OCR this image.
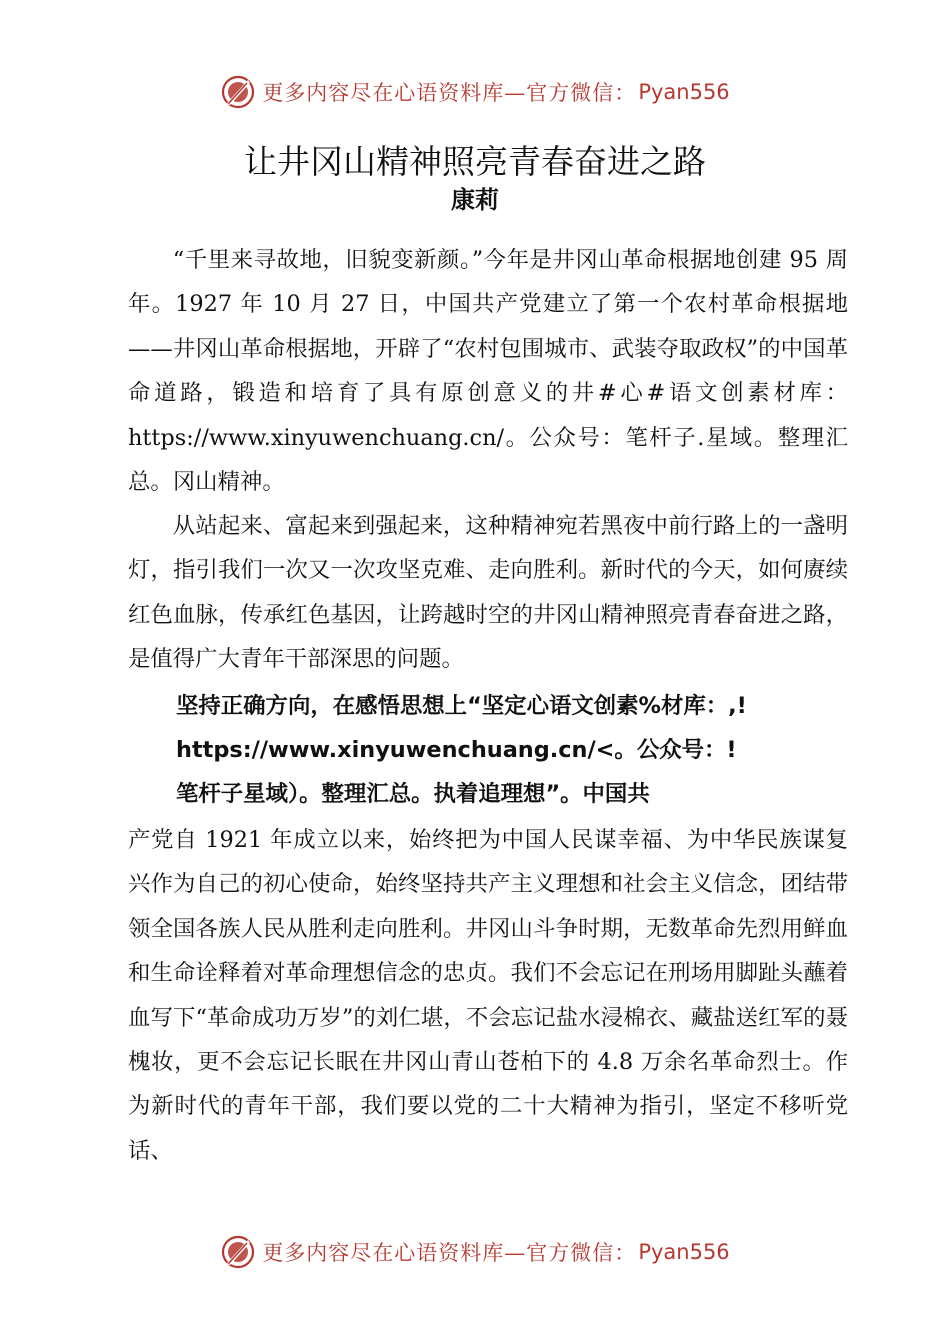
更多内容尽在心语资料库—官方微信： Pyan556
让井冈山精神照亮青春奋进之路
康莉

“千里来寻故地，旧貌变新颜。”今年是井冈山革命根据地创建 95 周年。1927 年 10 月 27 日，中国共产党建立了第一个农村革命根据地——井冈山革命根据地，开辟了“农村包围城市、武装夺取政权”的中国革命道路，锻造和培育了具有原创意义的井#心#语文创素材库：https://www.xinyuwenchuang.cn/。公众号：笔杆子.星域。整理汇总。冈山精神。

从站起来、富起来到强起来，这种精神宛若黑夜中前行路上的一盏明灯，指引我们一次又一次攻坚克难、走向胜利。新时代的今天，如何赓续红色血脉，传承红色基因，让跨越时空的井冈山精神照亮青春奋进之路，是值得广大青年干部深思的问题。

坚持正确方向，在感悟思想上“坚定心语文创素%材库：,!
https://www.xinyuwenchuang.cn/<。公众号：!
笔杆子星域）。整理汇总。执着追理想”。中国共

产党自 1921 年成立以来，始终把为中国人民谋幸福、为中华民族谋复兴作为自己的初心使命，始终坚持共产主义理想和社会主义信念，团结带领全国各族人民从胜利走向胜利。井冈山斗争时期，无数革命先烈用鲜血和生命诠释着对革命理想信念的忠贞。我们不会忘记在刑场用脚趾头蘸着血写下“革命成功万岁”的刘仁堪，不会忘记盐水浸棉衣、藏盐送红军的聂槐妆，更不会忘记长眠在井冈山青山苍柏下的 4.8 万余名革命烈士。作为新时代的青年干部，我们要以党的二十大精神为指引，坚定不移听党话、

更多内容尽在心语资料库—官方微信： Pyan556
